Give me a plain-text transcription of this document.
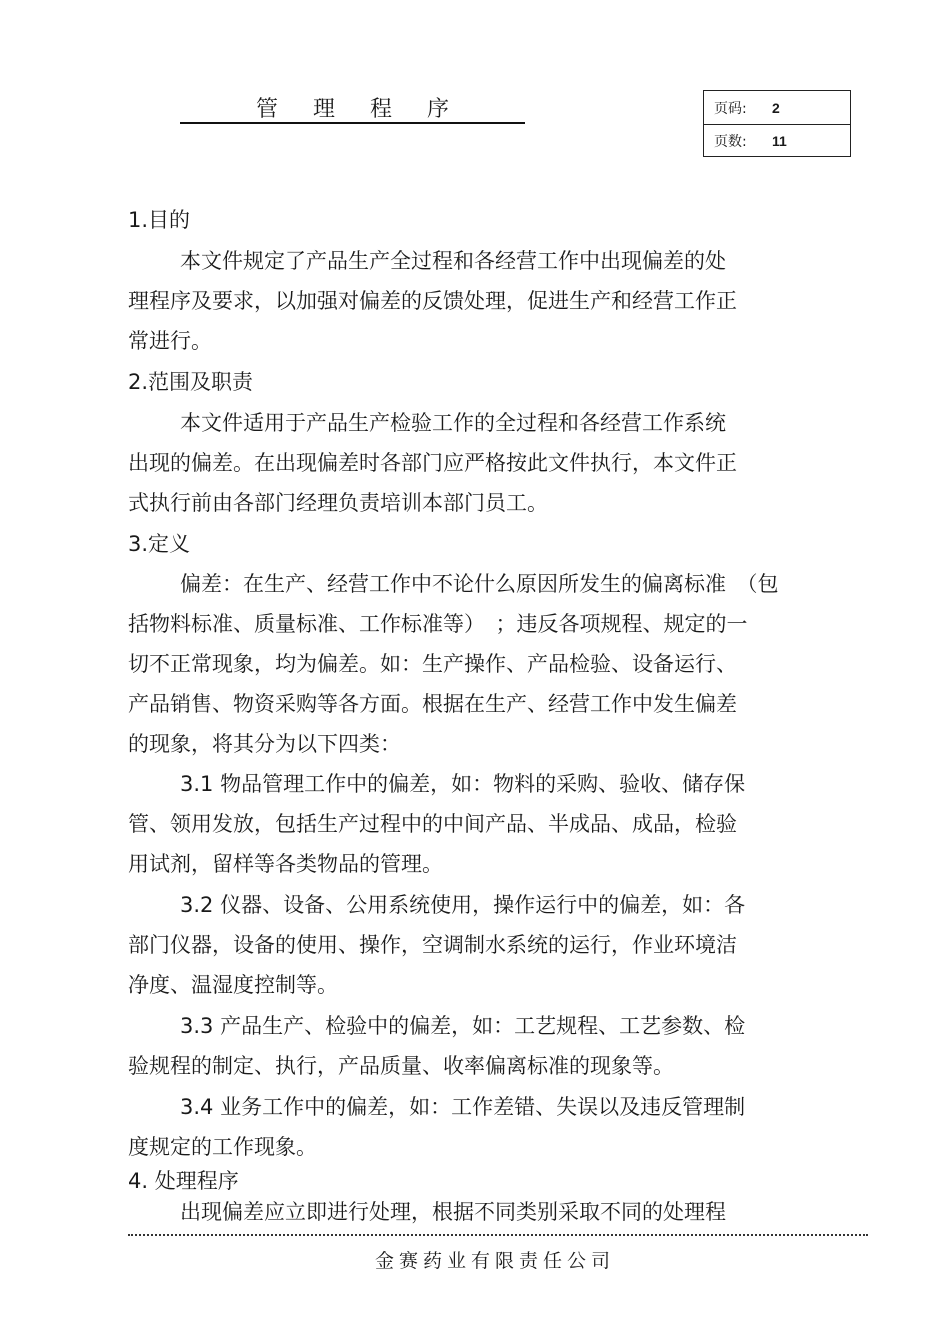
管 理 程 序	页码:	2
页数:	11
1.目的
本文件规定了产品生产全过程和各经营工作中出现偏差的处
理程序及要求，以加强对偏差的反馈处理，促进生产和经营工作正
常进行。
2.范围及职责
本文件适用于产品生产检验工作的全过程和各经营工作系统
出现的偏差。在出现偏差时各部门应严格按此文件执行，本文件正
式执行前由各部门经理负责培训本部门员工。
3.定义
偏差：在生产、经营工作中不论什么原因所发生的偏离标准　（包
括物料标准、质量标准、工作标准等）　；违反各项规程、规定的一
切不正常现象，均为偏差。如：生产操作、产品检验、设备运行、
产品销售、物资采购等各方面。根据在生产、经营工作中发生偏差
的现象，将其分为以下四类：
3.1 物品管理工作中的偏差，如：物料的采购、验收、储存保
管、领用发放，包括生产过程中的中间产品、半成品、成品，检验
用试剂，留样等各类物品的管理。
3.2 仪器、设备、公用系统使用，操作运行中的偏差，如：各
部门仪器，设备的使用、操作，空调制水系统的运行，作业环境洁
净度、温湿度控制等。
3.3 产品生产、检验中的偏差，如：工艺规程、工艺参数、检
验规程的制定、执行，产品质量、收率偏离标准的现象等。
3.4 业务工作中的偏差，如：工作差错、失误以及违反管理制
度规定的工作现象。
4. 处理程序
出现偏差应立即进行处理，根据不同类别采取不同的处理程
金赛药业有限责任公司
